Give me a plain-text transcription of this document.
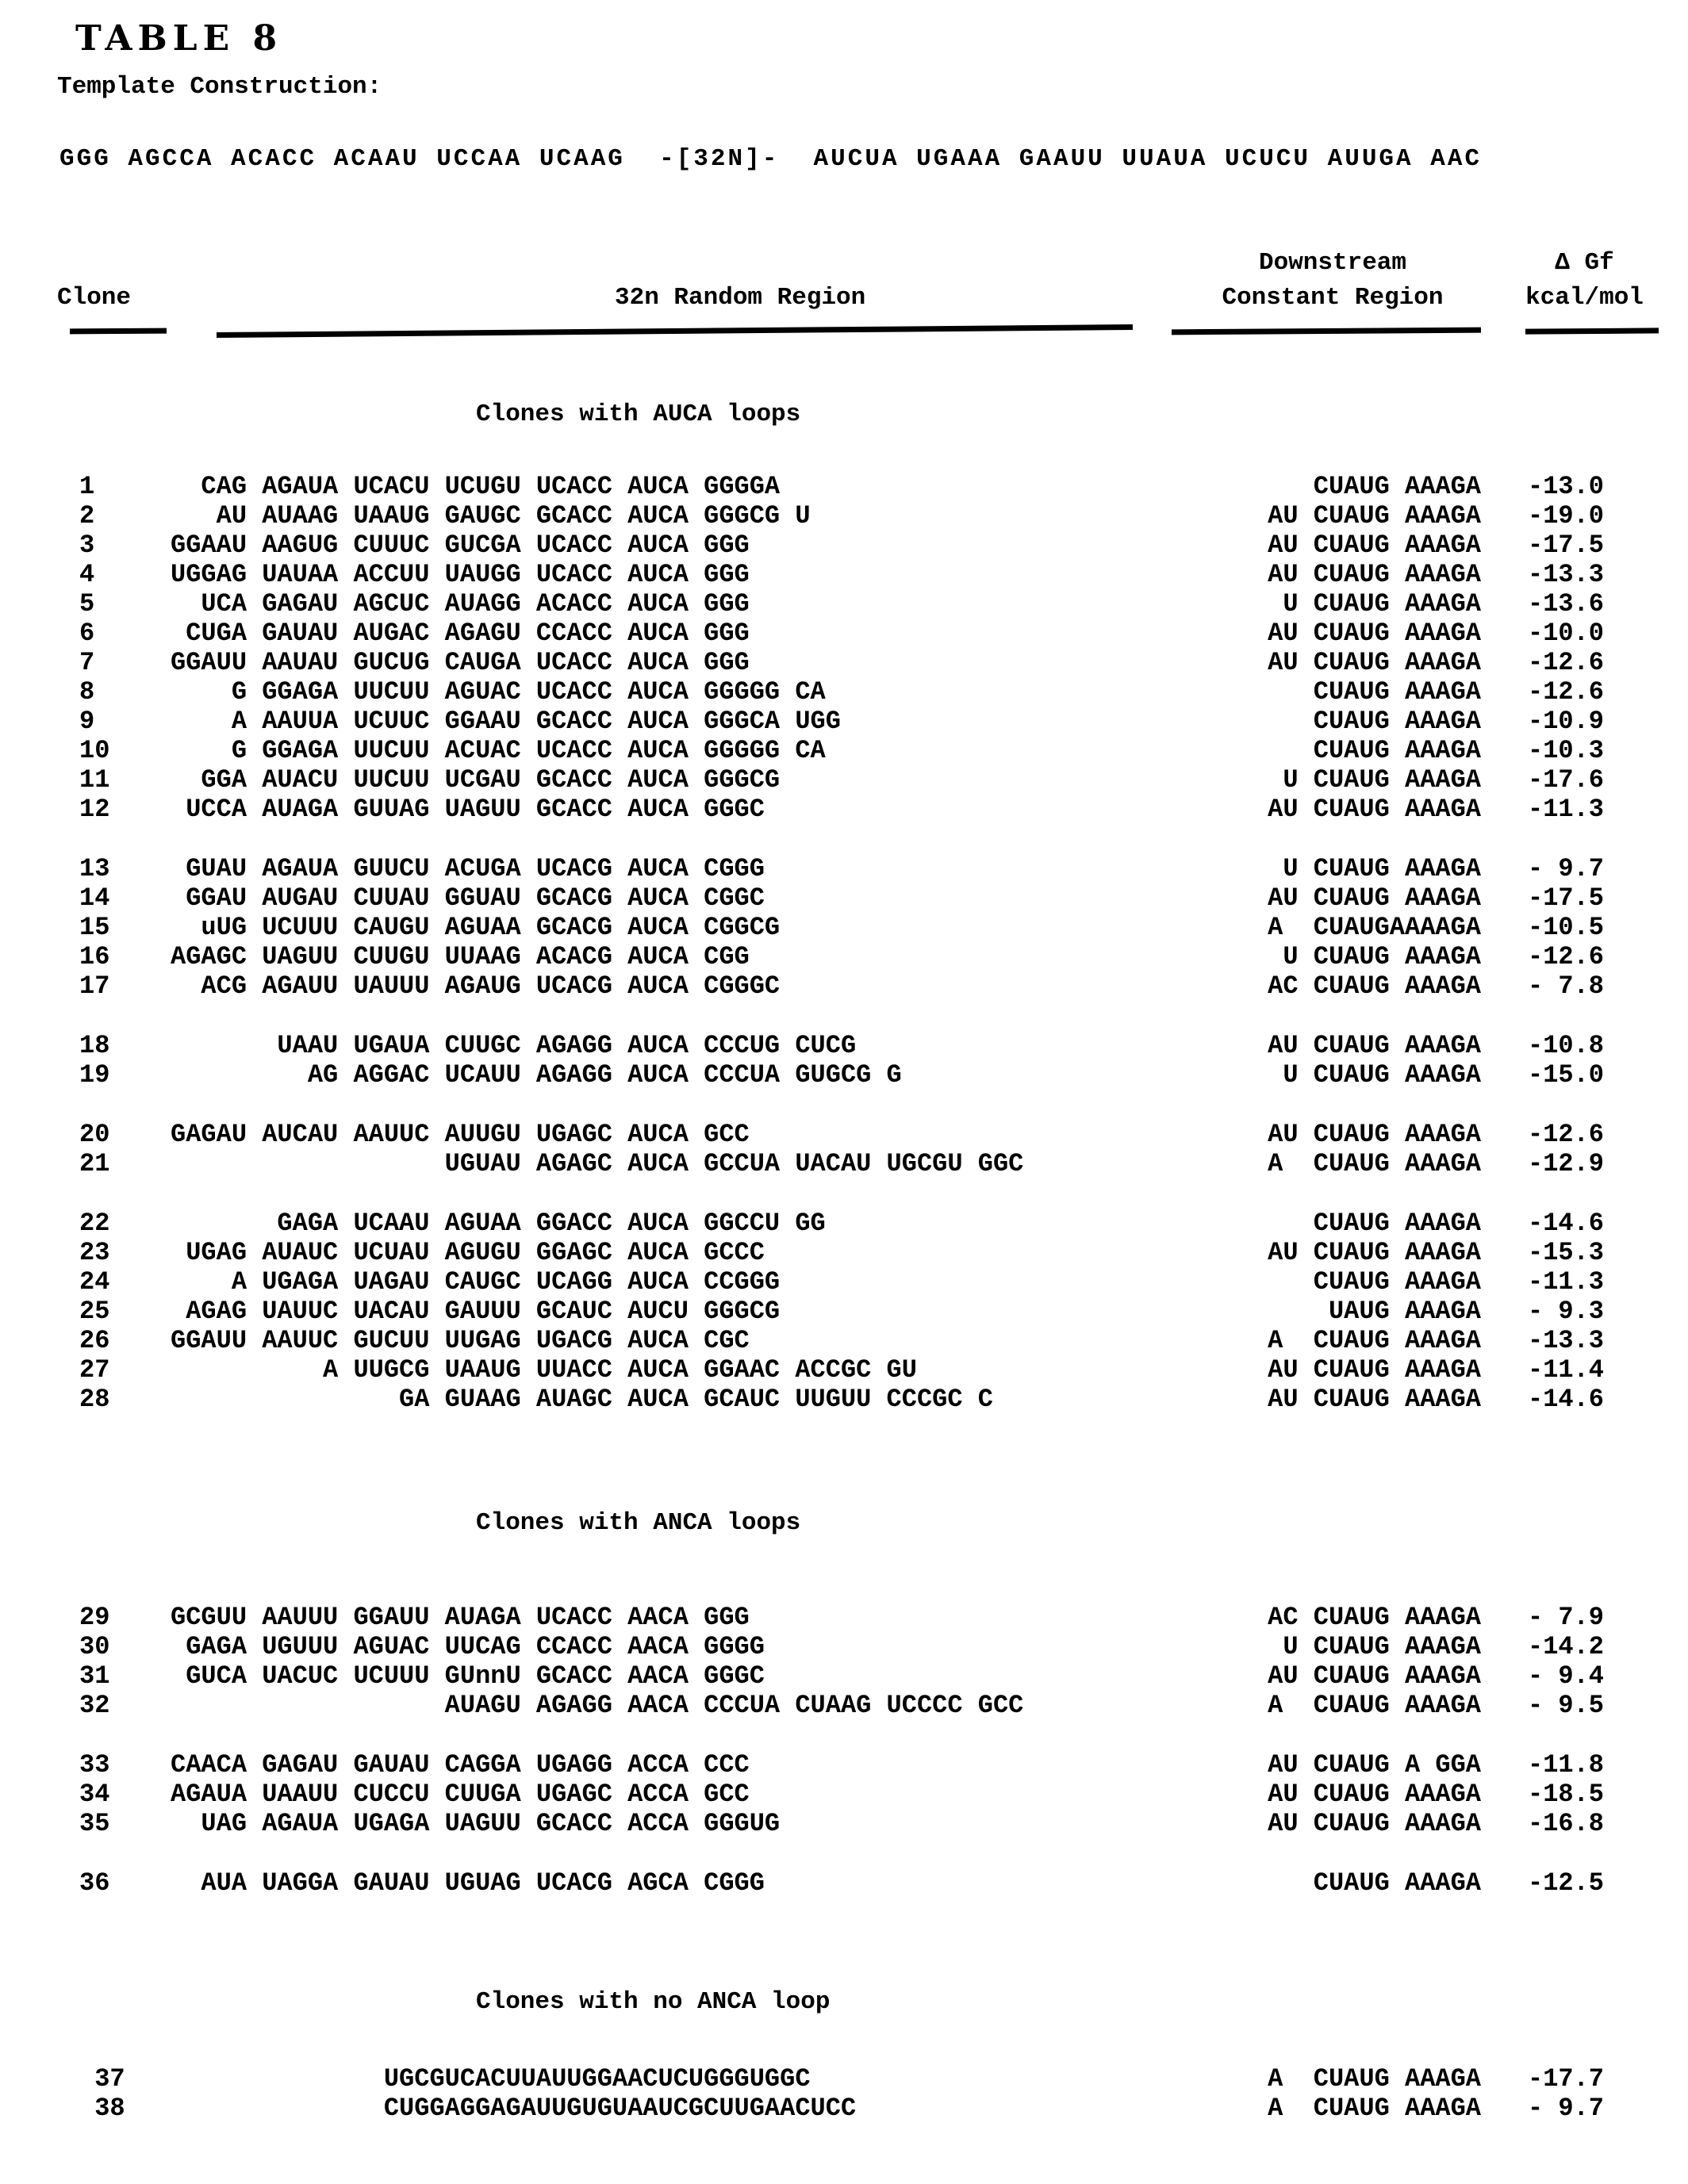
TABLE 8
Template Construction:
GGG AGCCA ACACC ACAAU UCCAA UCAAG  -[32N]-  AUCUA UGAAA GAAUU UUAUA UCUCU AUUGA AAC
Downstream	Δ Gf
Clone	32n Random Region	Constant Region	kcal/mol
Clones with AUCA loops
1	CAG AGAUA UCACU UCUGU UCACC AUCA GGGGA	CUAUG AAAGA	-13.0
2	AU AUAAG UAAUG GAUGC GCACC AUCA GGGCG U	AU CUAUG AAAGA	-19.0
3	GGAAU AAGUG CUUUC GUCGA UCACC AUCA GGG	AU CUAUG AAAGA	-17.5
4	UGGAG UAUAA ACCUU UAUGG UCACC AUCA GGG	AU CUAUG AAAGA	-13.3
5	UCA GAGAU AGCUC AUAGG ACACC AUCA GGG	U CUAUG AAAGA	-13.6
6	CUGA GAUAU AUGAC AGAGU CCACC AUCA GGG	AU CUAUG AAAGA	-10.0
7	GGAUU AAUAU GUCUG CAUGA UCACC AUCA GGG	AU CUAUG AAAGA	-12.6
8	G GGAGA UUCUU AGUAC UCACC AUCA GGGGG CA	CUAUG AAAGA	-12.6
9	A AAUUA UCUUC GGAAU GCACC AUCA GGGCA UGG	CUAUG AAAGA	-10.9
10	G GGAGA UUCUU ACUAC UCACC AUCA GGGGG CA	CUAUG AAAGA	-10.3
11	GGA AUACU UUCUU UCGAU GCACC AUCA GGGCG	U CUAUG AAAGA	-17.6
12	UCCA AUAGA GUUAG UAGUU GCACC AUCA GGGC	AU CUAUG AAAGA	-11.3
13	GUAU AGAUA GUUCU ACUGA UCACG AUCA CGGG	U CUAUG AAAGA	- 9.7
14	GGAU AUGAU CUUAU GGUAU GCACG AUCA CGGC	AU CUAUG AAAGA	-17.5
15	uUG UCUUU CAUGU AGUAA GCACG AUCA CGGCG	A  CUAUGAAAAGA	-10.5
16	AGAGC UAGUU CUUGU UUAAG ACACG AUCA CGG	U CUAUG AAAGA	-12.6
17	ACG AGAUU UAUUU AGAUG UCACG AUCA CGGGC	AC CUAUG AAAGA	- 7.8
18	UAAU UGAUA CUUGC AGAGG AUCA CCCUG CUCG	AU CUAUG AAAGA	-10.8
19	AG AGGAC UCAUU AGAGG AUCA CCCUA GUGCG G	U CUAUG AAAGA	-15.0
20	GAGAU AUCAU AAUUC AUUGU UGAGC AUCA GCC	AU CUAUG AAAGA	-12.6
21	UGUAU AGAGC AUCA GCCUA UACAU UGCGU GGC	A  CUAUG AAAGA	-12.9
22	GAGA UCAAU AGUAA GGACC AUCA GGCCU GG	CUAUG AAAGA	-14.6
23	UGAG AUAUC UCUAU AGUGU GGAGC AUCA GCCC	AU CUAUG AAAGA	-15.3
24	A UGAGA UAGAU CAUGC UCAGG AUCA CCGGG	CUAUG AAAGA	-11.3
25	AGAG UAUUC UACAU GAUUU GCAUC AUCU GGGCG	UAUG AAAGA	- 9.3
26	GGAUU AAUUC GUCUU UUGAG UGACG AUCA CGC	A  CUAUG AAAGA	-13.3
27	A UUGCG UAAUG UUACC AUCA GGAAC ACCGC GU	AU CUAUG AAAGA	-11.4
28	GA GUAAG AUAGC AUCA GCAUC UUGUU CCCGC C	AU CUAUG AAAGA	-14.6
Clones with ANCA loops
29	GCGUU AAUUU GGAUU AUAGA UCACC AACA GGG	AC CUAUG AAAGA	- 7.9
30	GAGA UGUUU AGUAC UUCAG CCACC AACA GGGG	U CUAUG AAAGA	-14.2
31	GUCA UACUC UCUUU GUnnU GCACC AACA GGGC	AU CUAUG AAAGA	- 9.4
32	AUAGU AGAGG AACA CCCUA CUAAG UCCCC GCC	A  CUAUG AAAGA	- 9.5
33	CAACA GAGAU GAUAU CAGGA UGAGG ACCA CCC	AU CUAUG A GGA	-11.8
34	AGAUA UAAUU CUCCU CUUGA UGAGC ACCA GCC	AU CUAUG AAAGA	-18.5
35	UAG AGAUA UGAGA UAGUU GCACC ACCA GGGUG	AU CUAUG AAAGA	-16.8
36	AUA UAGGA GAUAU UGUAG UCACG AGCA CGGG	CUAUG AAAGA	-12.5
Clones with no ANCA loop
37	UGCGUCACUUAUUGGAACUCUGGGUGGC	A  CUAUG AAAGA	-17.7
38	CUGGAGGAGAUUGUGUAAUCGCUUGAACUCC	A  CUAUG AAAGA	- 9.7
